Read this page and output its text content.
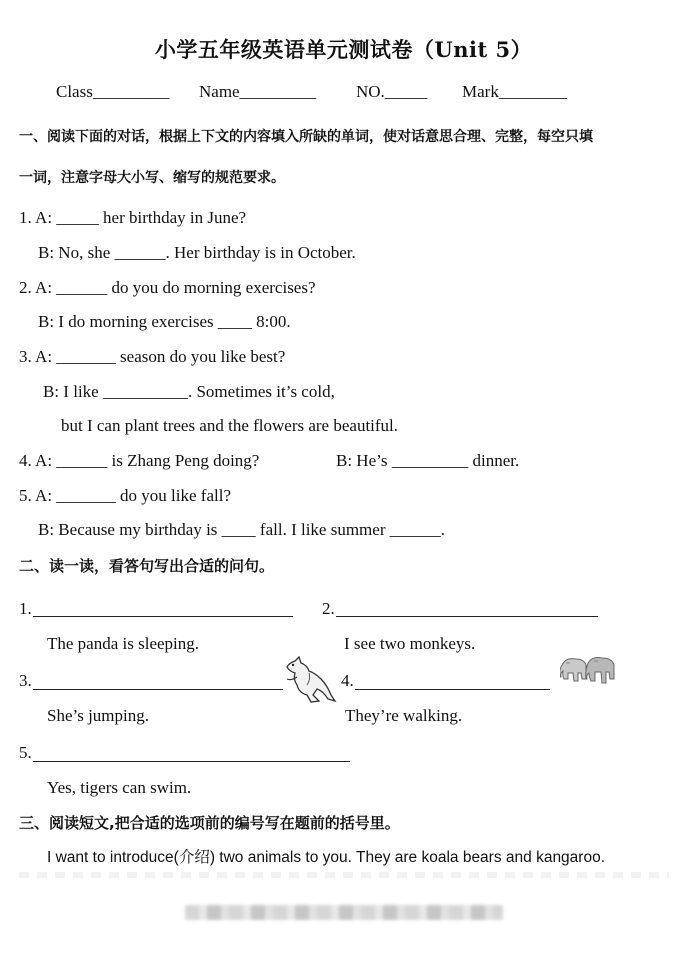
小学五年级英语单元测试卷（Unit 5）
Class_________ Name_________ NO._____ Mark________
一、阅读下面的对话，根据上下文的内容填入所缺的单词，使对话意思合理、完整，每空只填
一词，注意字母大小写、缩写的规范要求。
1. A: _____ her birthday in June?
B: No, she ______. Her birthday is in October.
2. A: ______ do you do morning exercises?
B: I do morning exercises ____ 8:00.
3. A: _______ season do you like best?
B: I like __________. Sometimes it’s cold,
but I can plant trees and the flowers are beautiful.
4. A: ______ is Zhang Peng doing?	B: He’s _________ dinner.
5. A: _______ do you like fall?
B: Because my birthday is ____ fall. I like summer ______.
二、读一读，看答句写出合适的问句。
1.	2.
The panda is sleeping.	I see two monkeys.
3.	4.
She’s jumping.	They’re walking.
5.
Yes, tigers can swim.
三、阅读短文,把合适的选项前的编号写在题前的括号里。
I want to introduce(介绍) two animals to you. They are koala bears and kangaroo.
